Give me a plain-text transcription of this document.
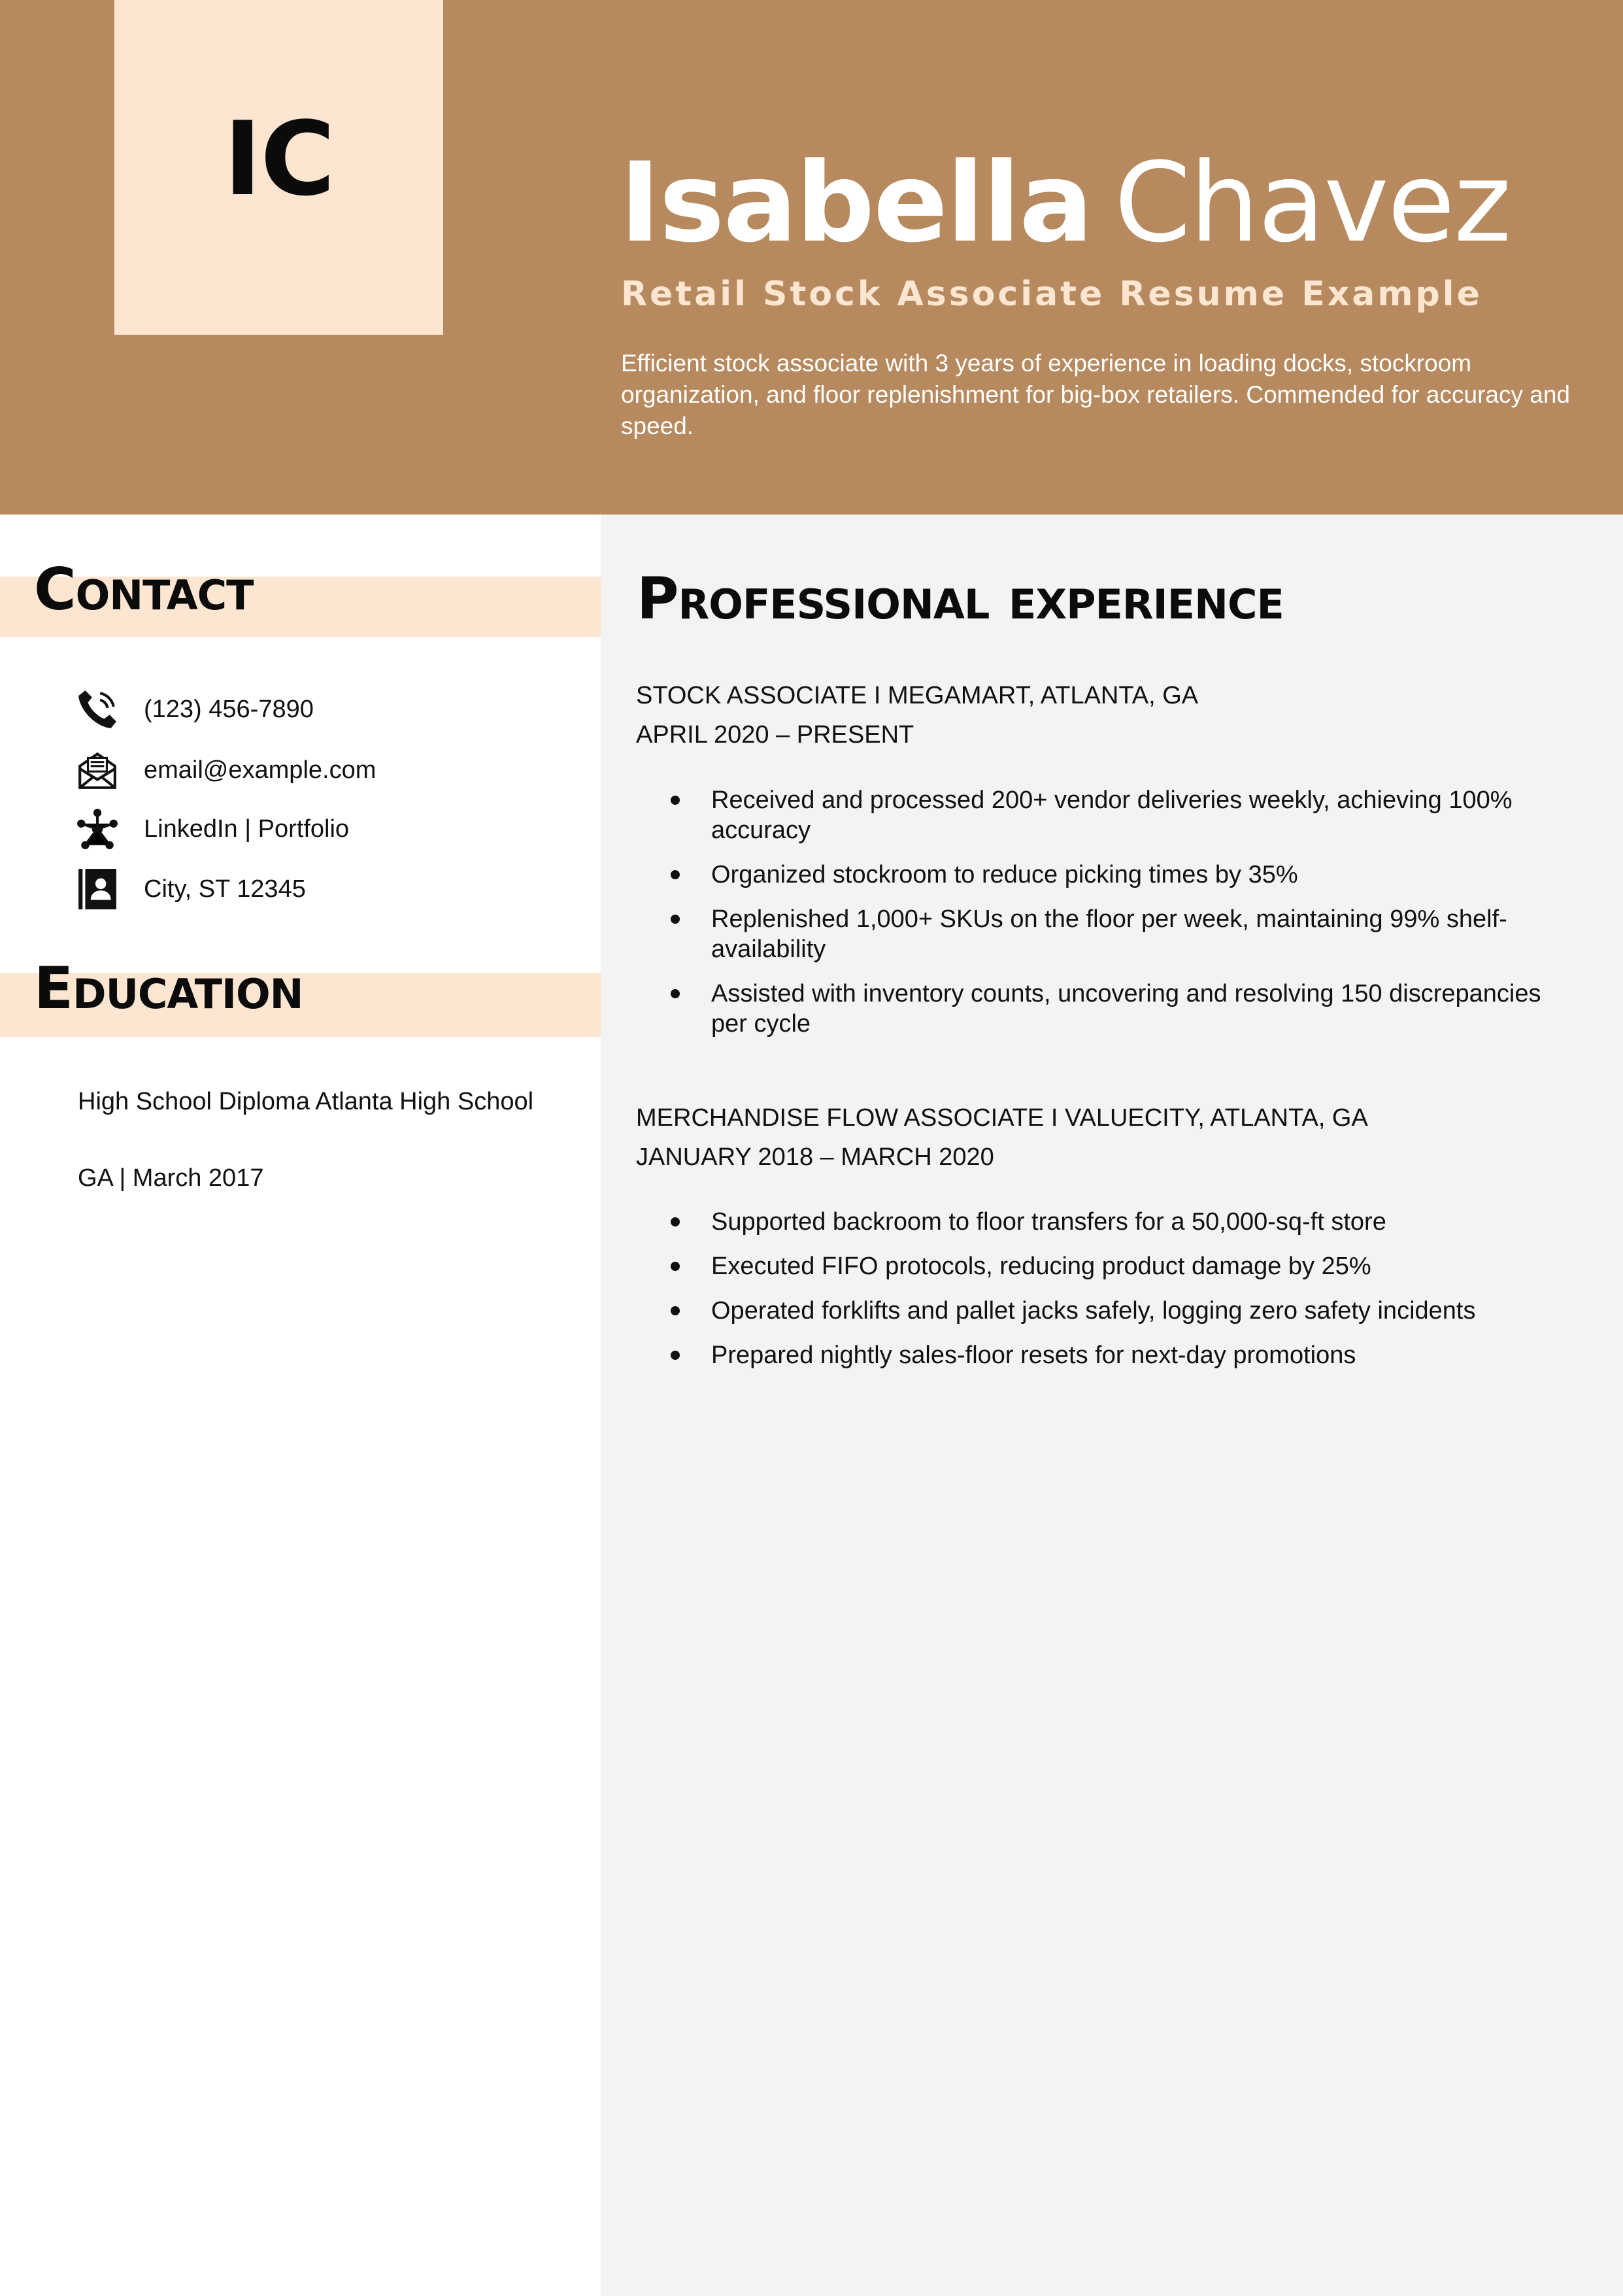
IC	Isabella Chavez

Retail Stock Associate Resume Example

Efficient stock associate with 3 years of experience in loading docks, stockroom organization, and floor replenishment for big-box retailers. Commended for accuracy and speed.

Contact
(123) 456-7890
email@example.com
LinkedIn | Portfolio
City, ST 12345
Education

High School Diploma Atlanta High School

GA | March 2017

Professional experience

STOCK ASSOCIATE I MEGAMART, ATLANTA, GA

APRIL 2020 – PRESENT

Received and processed 200+ vendor deliveries weekly, achieving 100% accuracy
Organized stockroom to reduce picking times by 35%
Replenished 1,000+ SKUs on the floor per week, maintaining 99% shelf-availability
Assisted with inventory counts, uncovering and resolving 150 discrepancies per cycle

MERCHANDISE FLOW ASSOCIATE I VALUECITY, ATLANTA, GA

JANUARY 2018 – MARCH 2020

Supported backroom to floor transfers for a 50,000-sq-ft store
Executed FIFO protocols, reducing product damage by 25%
Operated forklifts and pallet jacks safely, logging zero safety incidents
Prepared nightly sales-floor resets for next-day promotions
